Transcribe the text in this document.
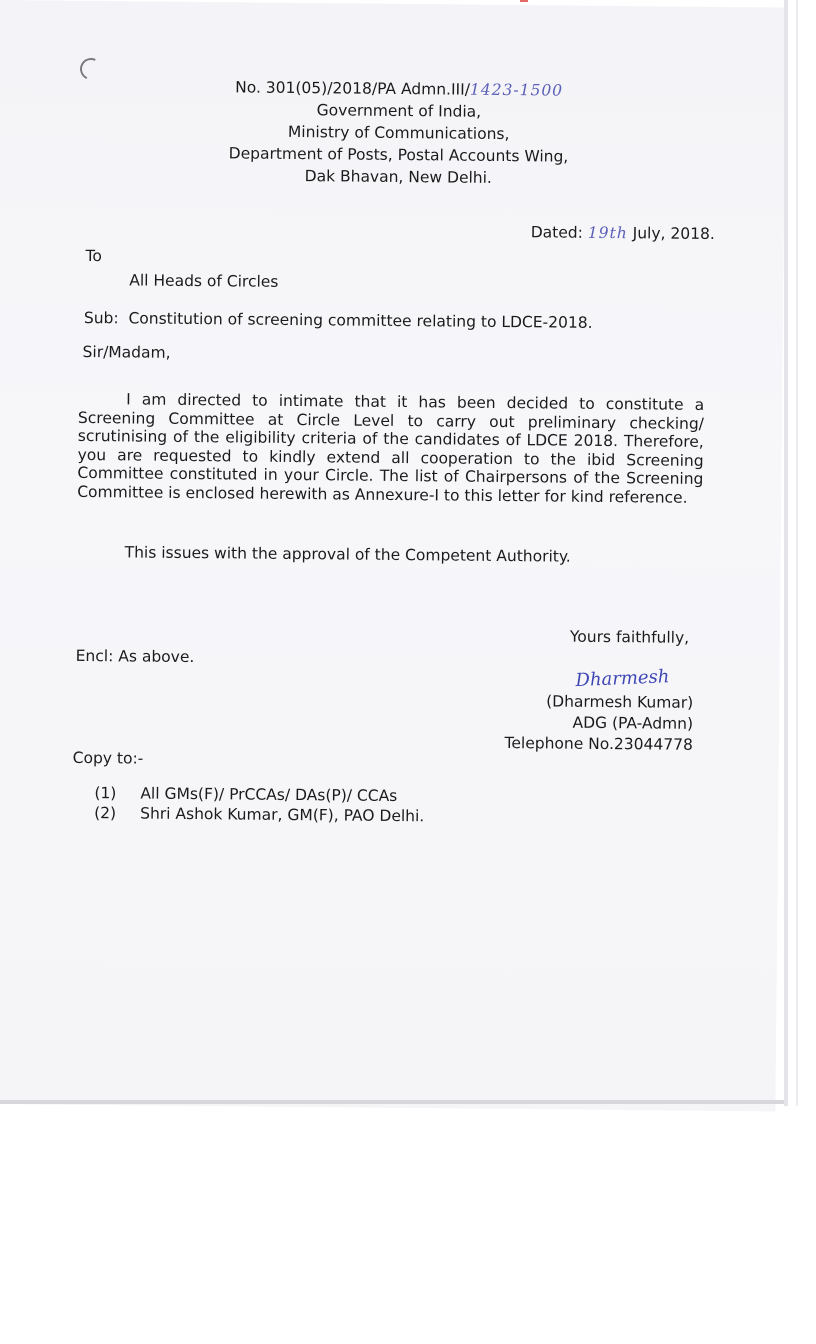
No. 301(05)/2018/PA Admn.III/1423-1500
Government of India,
Ministry of Communications,
Department of Posts, Postal Accounts Wing,
Dak Bhavan, New Delhi.
Dated: 19th July, 2018.
To
All Heads of Circles
Sub: Constitution of screening committee relating to LDCE-2018.
Sir/Madam,
I am directed to intimate that it has been decided to constitute a Screening Committee at Circle Level to carry out preliminary checking/ scrutinising of the eligibility criteria of the candidates of LDCE 2018. Therefore, you are requested to kindly extend all cooperation to the ibid Screening Committee constituted in your Circle. The list of Chairpersons of the Screening Committee is enclosed herewith as Annexure-I to this letter for kind reference.
This issues with the approval of the Competent Authority.
Yours faithfully,
Encl: As above.
Dharmesh
(Dharmesh Kumar)
ADG (PA-Admn)
Telephone No.23044778
Copy to:-
(1)	All GMs(F)/ PrCCAs/ DAs(P)/ CCAs
(2)	Shri Ashok Kumar, GM(F), PAO Delhi.
